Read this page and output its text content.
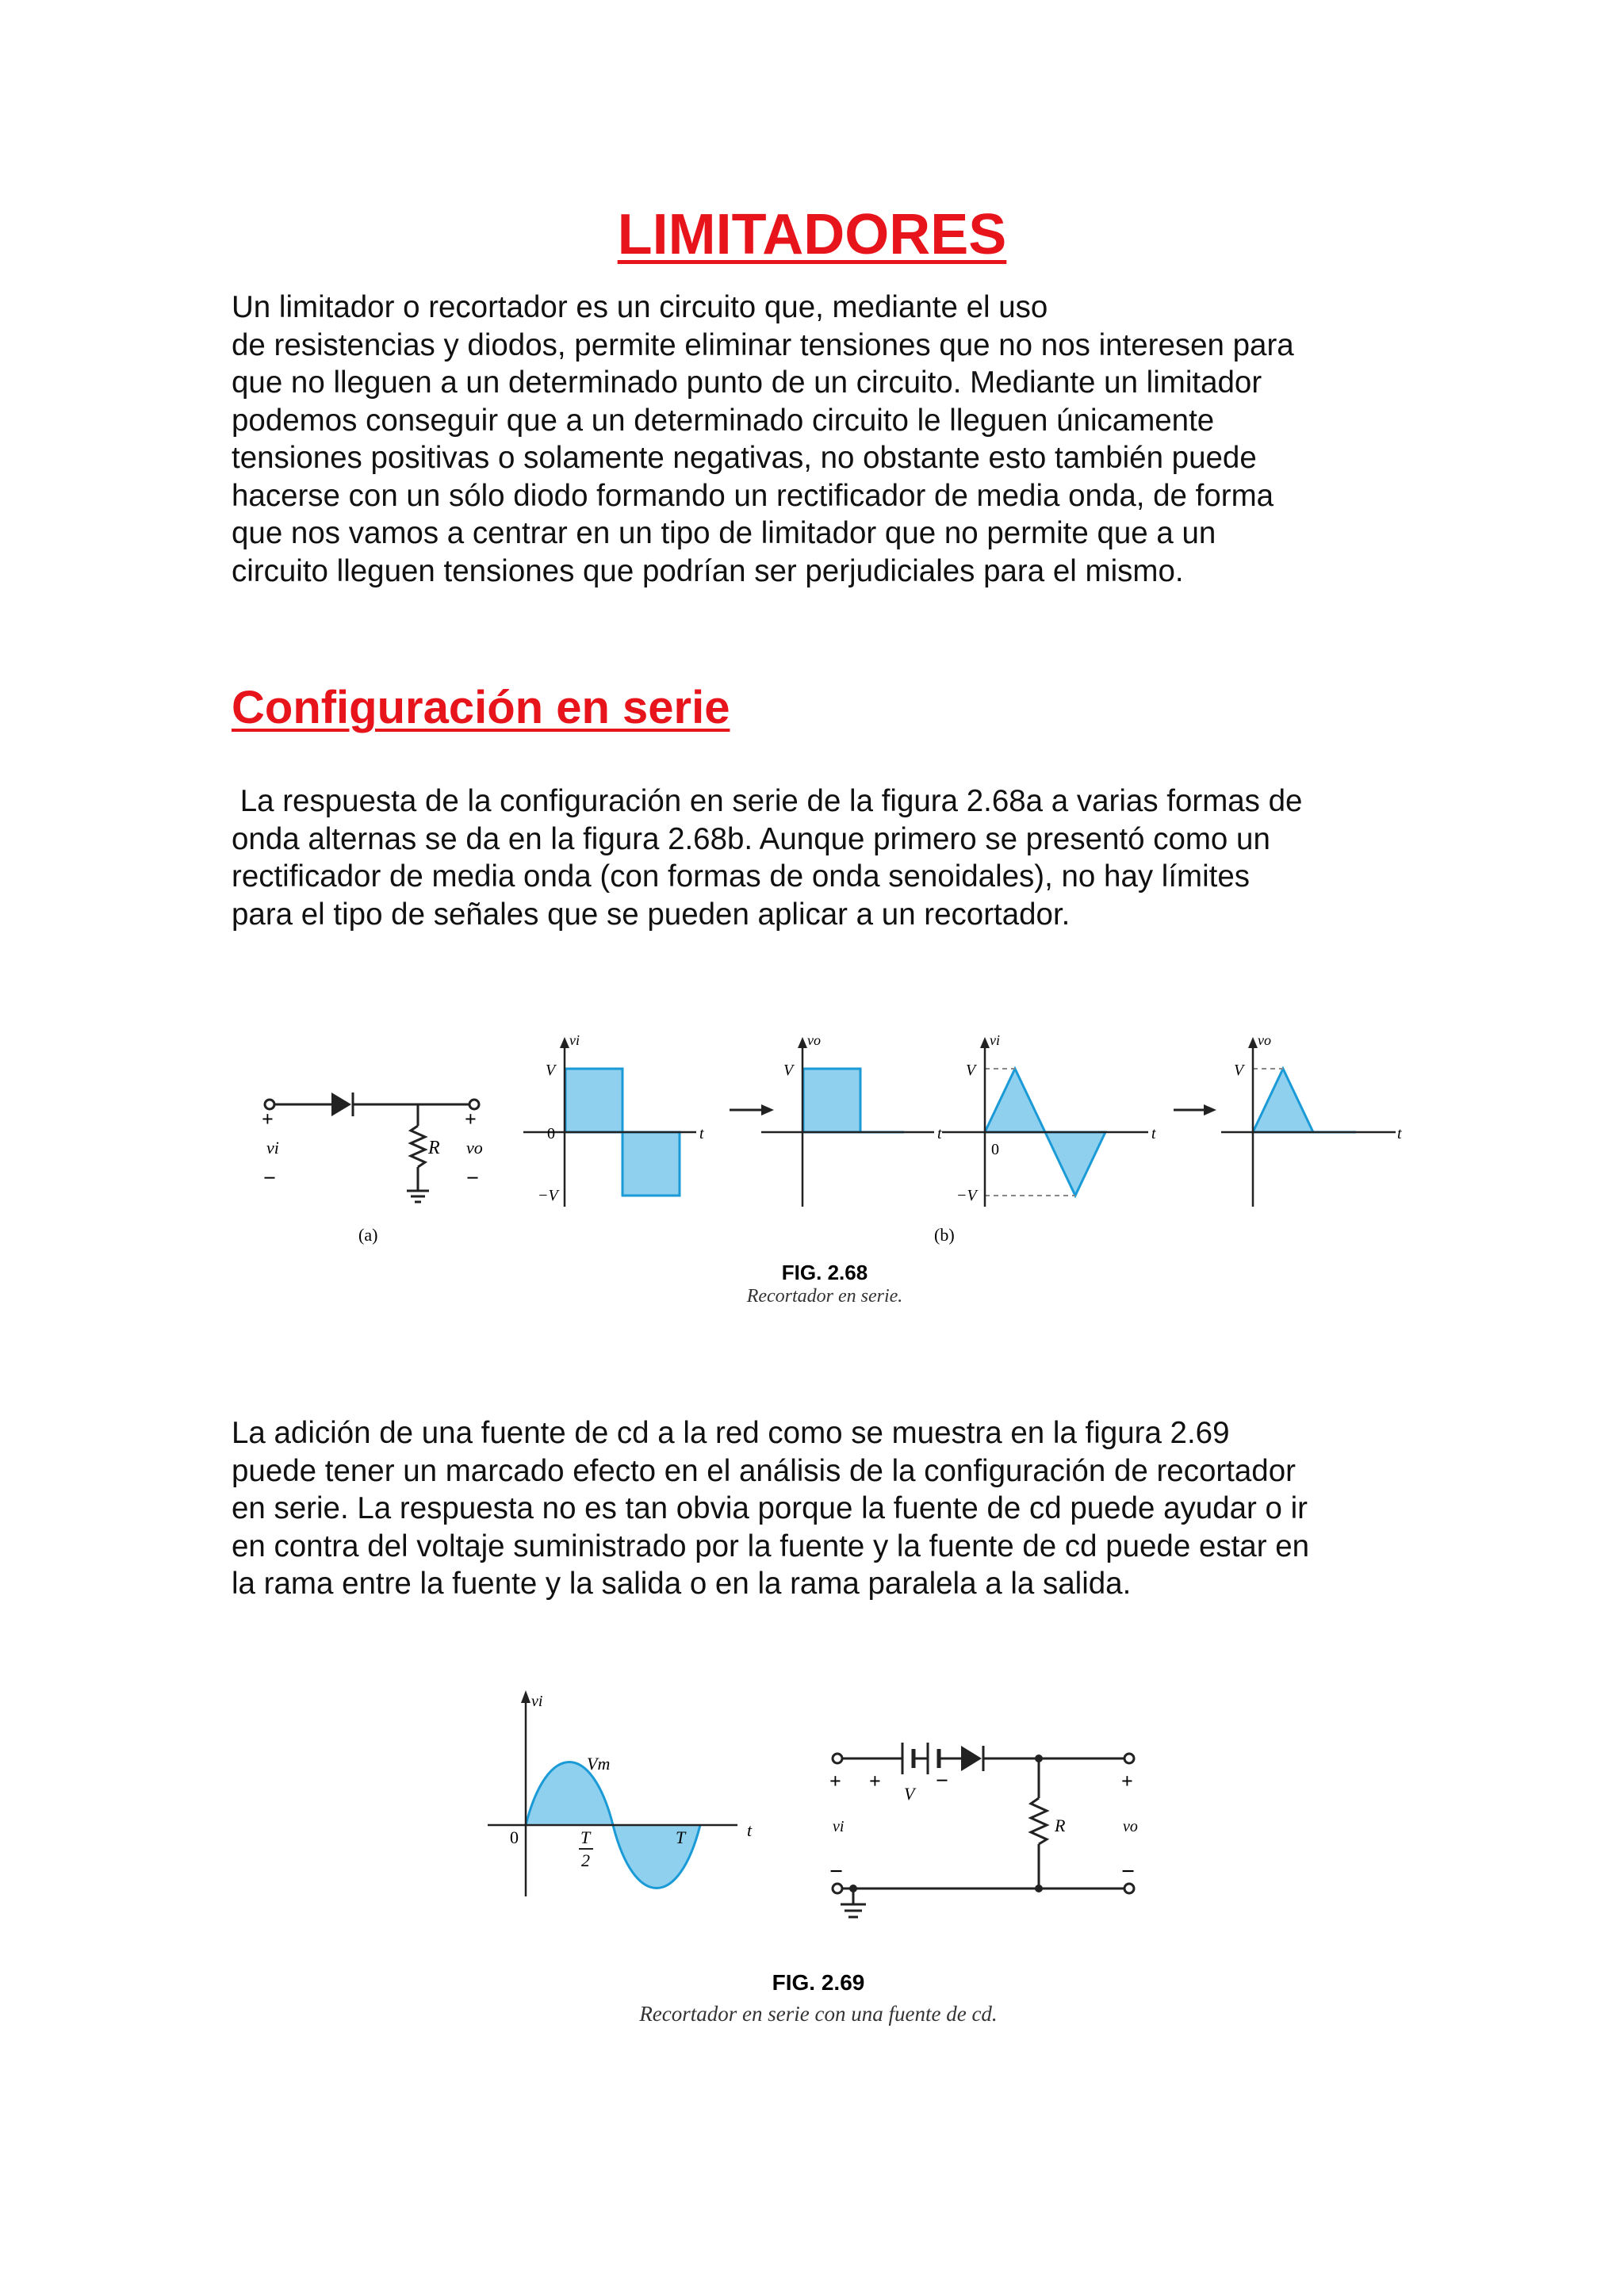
LIMITADORES
Un limitador o recortador es un circuito que, mediante el uso
de resistencias y diodos, permite eliminar tensiones que no nos interesen para
que no lleguen a un determinado punto de un circuito. Mediante un limitador
podemos conseguir que a un determinado circuito le lleguen únicamente
tensiones positivas o solamente negativas, no obstante esto también puede
hacerse con un sólo diodo formando un rectificador de media onda, de forma
que nos vamos a centrar en un tipo de limitador que no permite que a un
circuito lleguen tensiones que podrían ser perjudiciales para el mismo.
Configuración en serie
La respuesta de la configuración en serie de la figura 2.68a a varias formas de
onda alternas se da en la figura 2.68b. Aunque primero se presentó como un
rectificador de media onda (con formas de onda senoidales), no hay límites
para el tipo de señales que se pueden aplicar a un recortador.
+
vi
−
+
vo
−
R
(a)
vi
V
0
−V
t
vo
V
t
vi
V
0
−V
t
vo
V
t
(b)
FIG. 2.68
Recortador en serie.
La adición de una fuente de cd a la red como se muestra en la figura 2.69
puede tener un marcado efecto en el análisis de la configuración de recortador
en serie. La respuesta no es tan obvia porque la fuente de cd puede ayudar o ir
en contra del voltaje suministrado por la fuente y la fuente de cd puede estar en
la rama entre la fuente y la salida o en la rama paralela a la salida.
vi
Vm
0	T
2
T	t
+ + −
V
vi
−
R
+
vo
−
FIG. 2.69
Recortador en serie con una fuente de cd.
